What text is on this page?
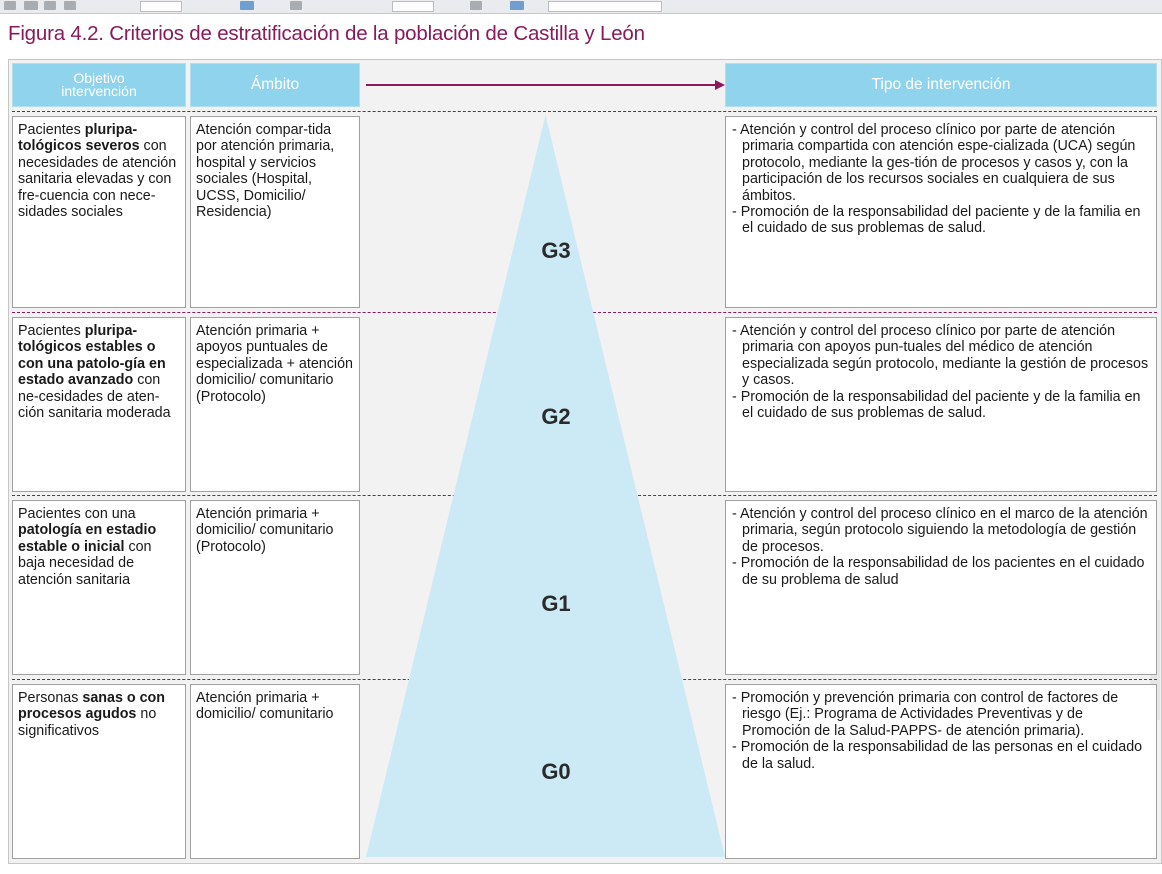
Figura 4.2. Criterios de estratificación de la población de Castilla y León
Objetivo
intervención	Ámbito	Tipo de intervención
G3
G2
G1
G0
Pacientes pluripa-tológicos severos con necesidades de atención sanitaria elevadas y con fre-cuencia con nece-sidades sociales
Atención compar-tida por atención primaria, hospital y servicios sociales (Hospital, UCSS, Domicilio/ Residencia)
- Atención y control del proceso clínico por parte de atención primaria compartida con atención espe-cializada (UCA) según protocolo, mediante la ges-tión de procesos y casos y, con la participación de los recursos sociales en cualquiera de sus ámbitos.
- Promoción de la responsabilidad del paciente y de la familia en el cuidado de sus problemas de salud.
Pacientes pluripa-tológicos estables o con una patolo-gía en estado avanzado con ne-cesidades de aten-ción sanitaria moderada
Atención primaria + apoyos puntuales de especializada + atención domicilio/ comunitario (Protocolo)
- Atención y control del proceso clínico por parte de atención primaria con apoyos pun-tuales del médico de atención especializada según protocolo, mediante la gestión de procesos y casos.
- Promoción de la responsabilidad del paciente y de la familia en el cuidado de sus problemas de salud.
Pacientes con una patología en estadio estable o inicial con baja necesidad de atención sanitaria
Atención primaria + domicilio/ comunitario (Protocolo)
- Atención y control del proceso clínico en el marco de la atención primaria, según protocolo siguiendo la metodología de gestión de procesos.
- Promoción de la responsabilidad de los pacientes en el cuidado de su problema de salud
Personas sanas o con procesos agudos no significativos
Atención primaria + domicilio/ comunitario
- Promoción y prevención primaria con control de factores de riesgo (Ej.: Programa de Actividades Preventivas y de Promoción de la Salud-PAPPS- de atención primaria).
- Promoción de la responsabilidad de las personas en el cuidado de la salud.
